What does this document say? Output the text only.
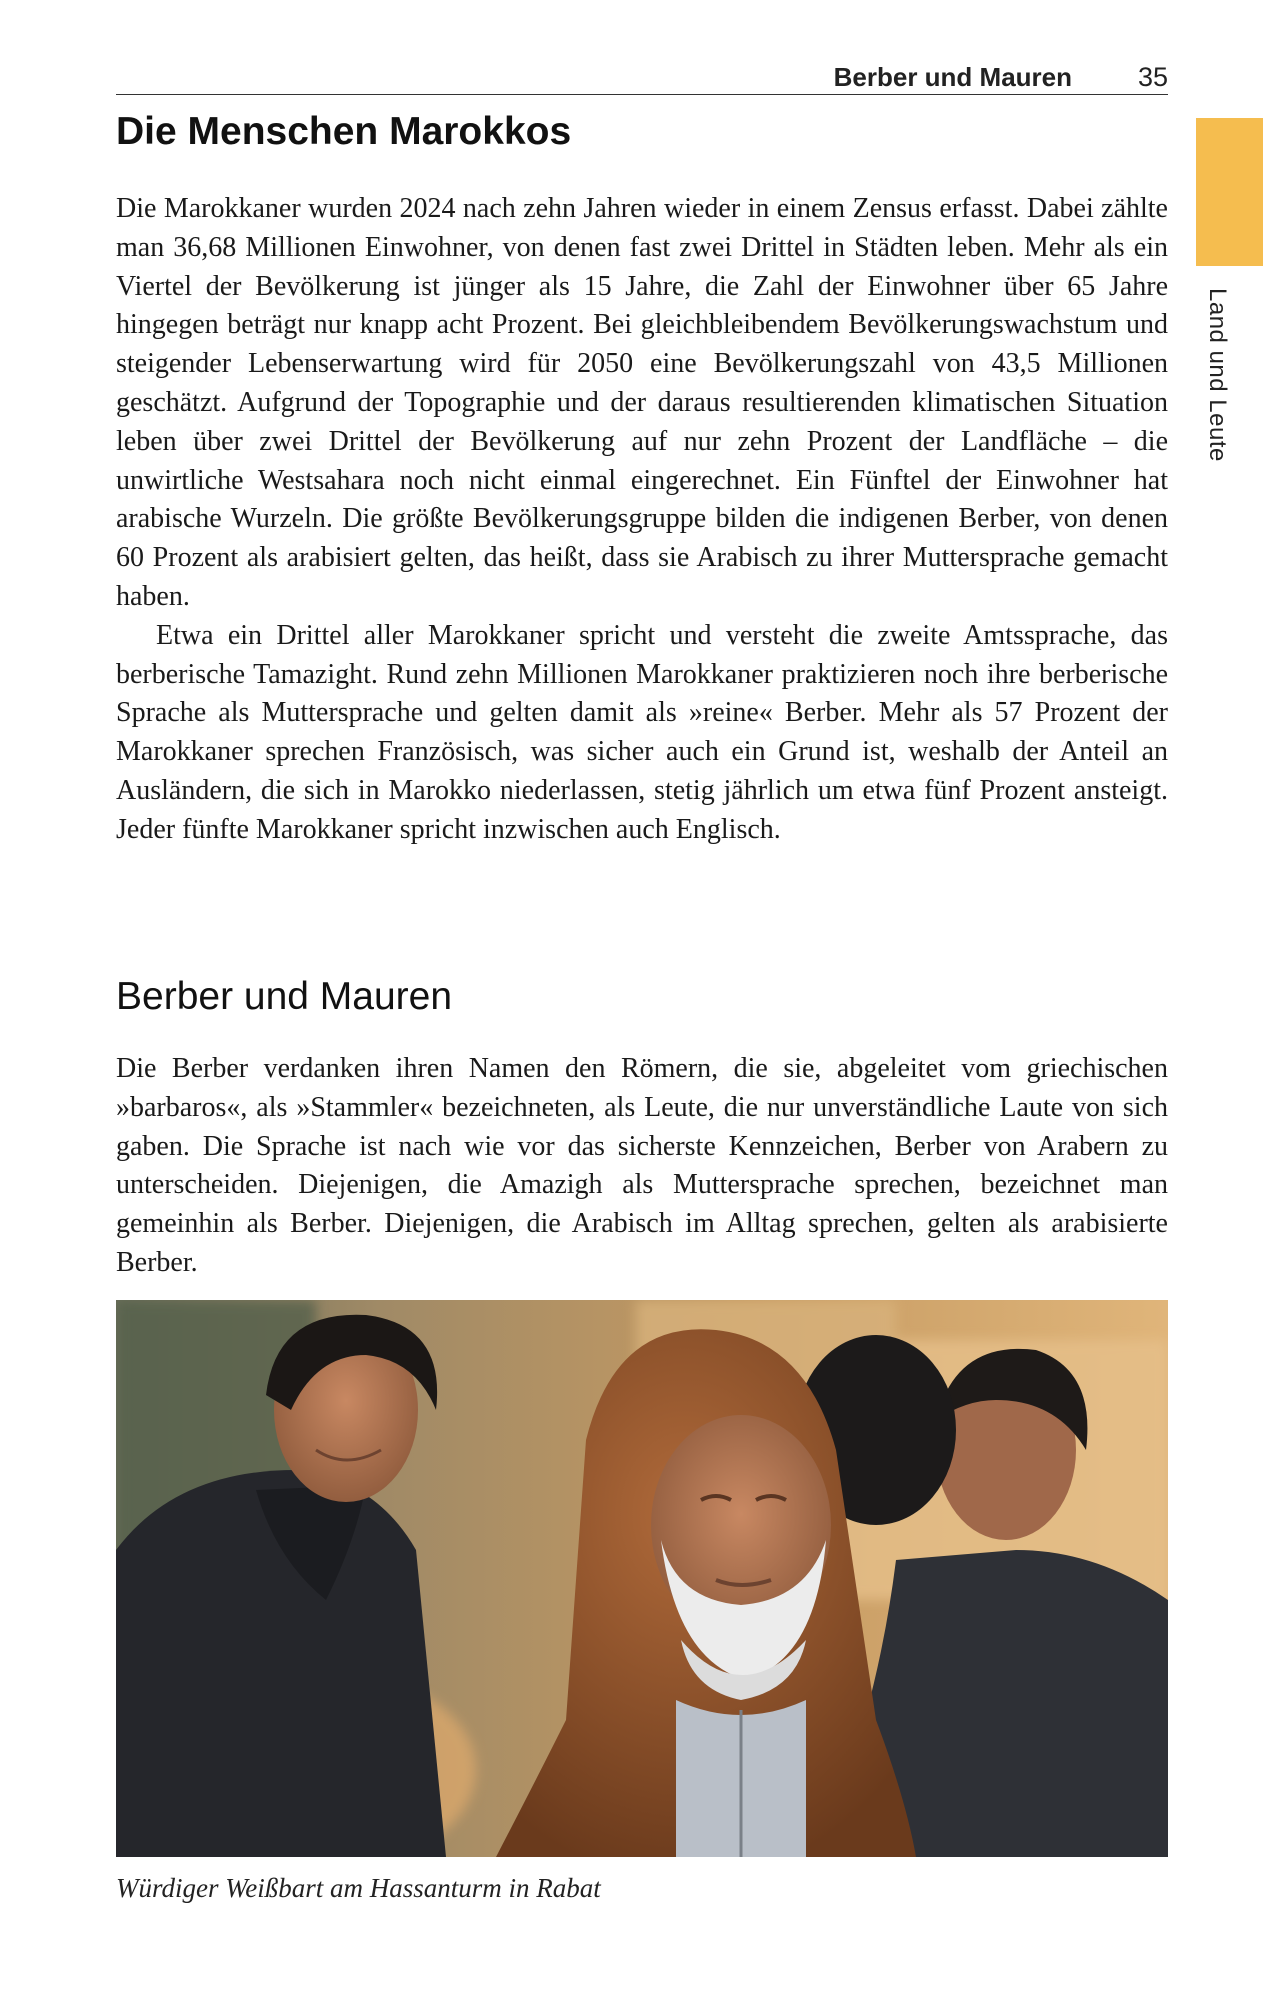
Berber und Mauren 35
Land und Leute
Die Menschen Marokkos

Die Marokkaner wurden 2024 nach zehn Jahren wieder in einem Zensus erfasst. Dabei zählte man 36,68 Millionen Einwohner, von denen fast zwei Drittel in Städten leben. Mehr als ein Viertel der Bevölkerung ist jünger als 15 Jahre, die Zahl der Einwohner über 65 Jahre hingegen beträgt nur knapp acht Prozent. Bei gleichbleibendem Bevölkerungswachstum und steigender Lebenserwartung wird für 2050 eine Bevölkerungszahl von 43,5 Millionen geschätzt. Aufgrund der Topographie und der daraus resultierenden klimatischen Situation leben über zwei Drittel der Bevölkerung auf nur zehn Prozent der Landfläche – die unwirtliche Westsahara noch nicht einmal eingerechnet. Ein Fünftel der Einwohner hat arabische Wurzeln. Die größte Bevölkerungsgruppe bilden die indigenen Berber, von denen 60 Prozent als arabisiert gelten, das heißt, dass sie Arabisch zu ihrer Muttersprache gemacht haben.

Etwa ein Drittel aller Marokkaner spricht und versteht die zweite Amtssprache, das berberische Tamazight. Rund zehn Millionen Marokkaner praktizieren noch ihre berberische Sprache als Muttersprache und gelten damit als »reine« Berber. Mehr als 57 Prozent der Marokkaner sprechen Französisch, was sicher auch ein Grund ist, weshalb der Anteil an Ausländern, die sich in Marokko niederlassen, stetig jährlich um etwa fünf Prozent ansteigt. Jeder fünfte Marokkaner spricht inzwischen auch Englisch.

Berber und Mauren

Die Berber verdanken ihren Namen den Römern, die sie, abgeleitet vom griechischen »barbaros«, als »Stammler« bezeichneten, als Leute, die nur unverständliche Laute von sich gaben. Die Sprache ist nach wie vor das sicherste Kennzeichen, Berber von Arabern zu unterscheiden. Diejenigen, die Amazigh als Muttersprache sprechen, bezeichnet man gemeinhin als Berber. Diejenigen, die Arabisch im Alltag sprechen, gelten als arabisierte Berber.

Würdiger Weißbart am Hassanturm in Rabat
